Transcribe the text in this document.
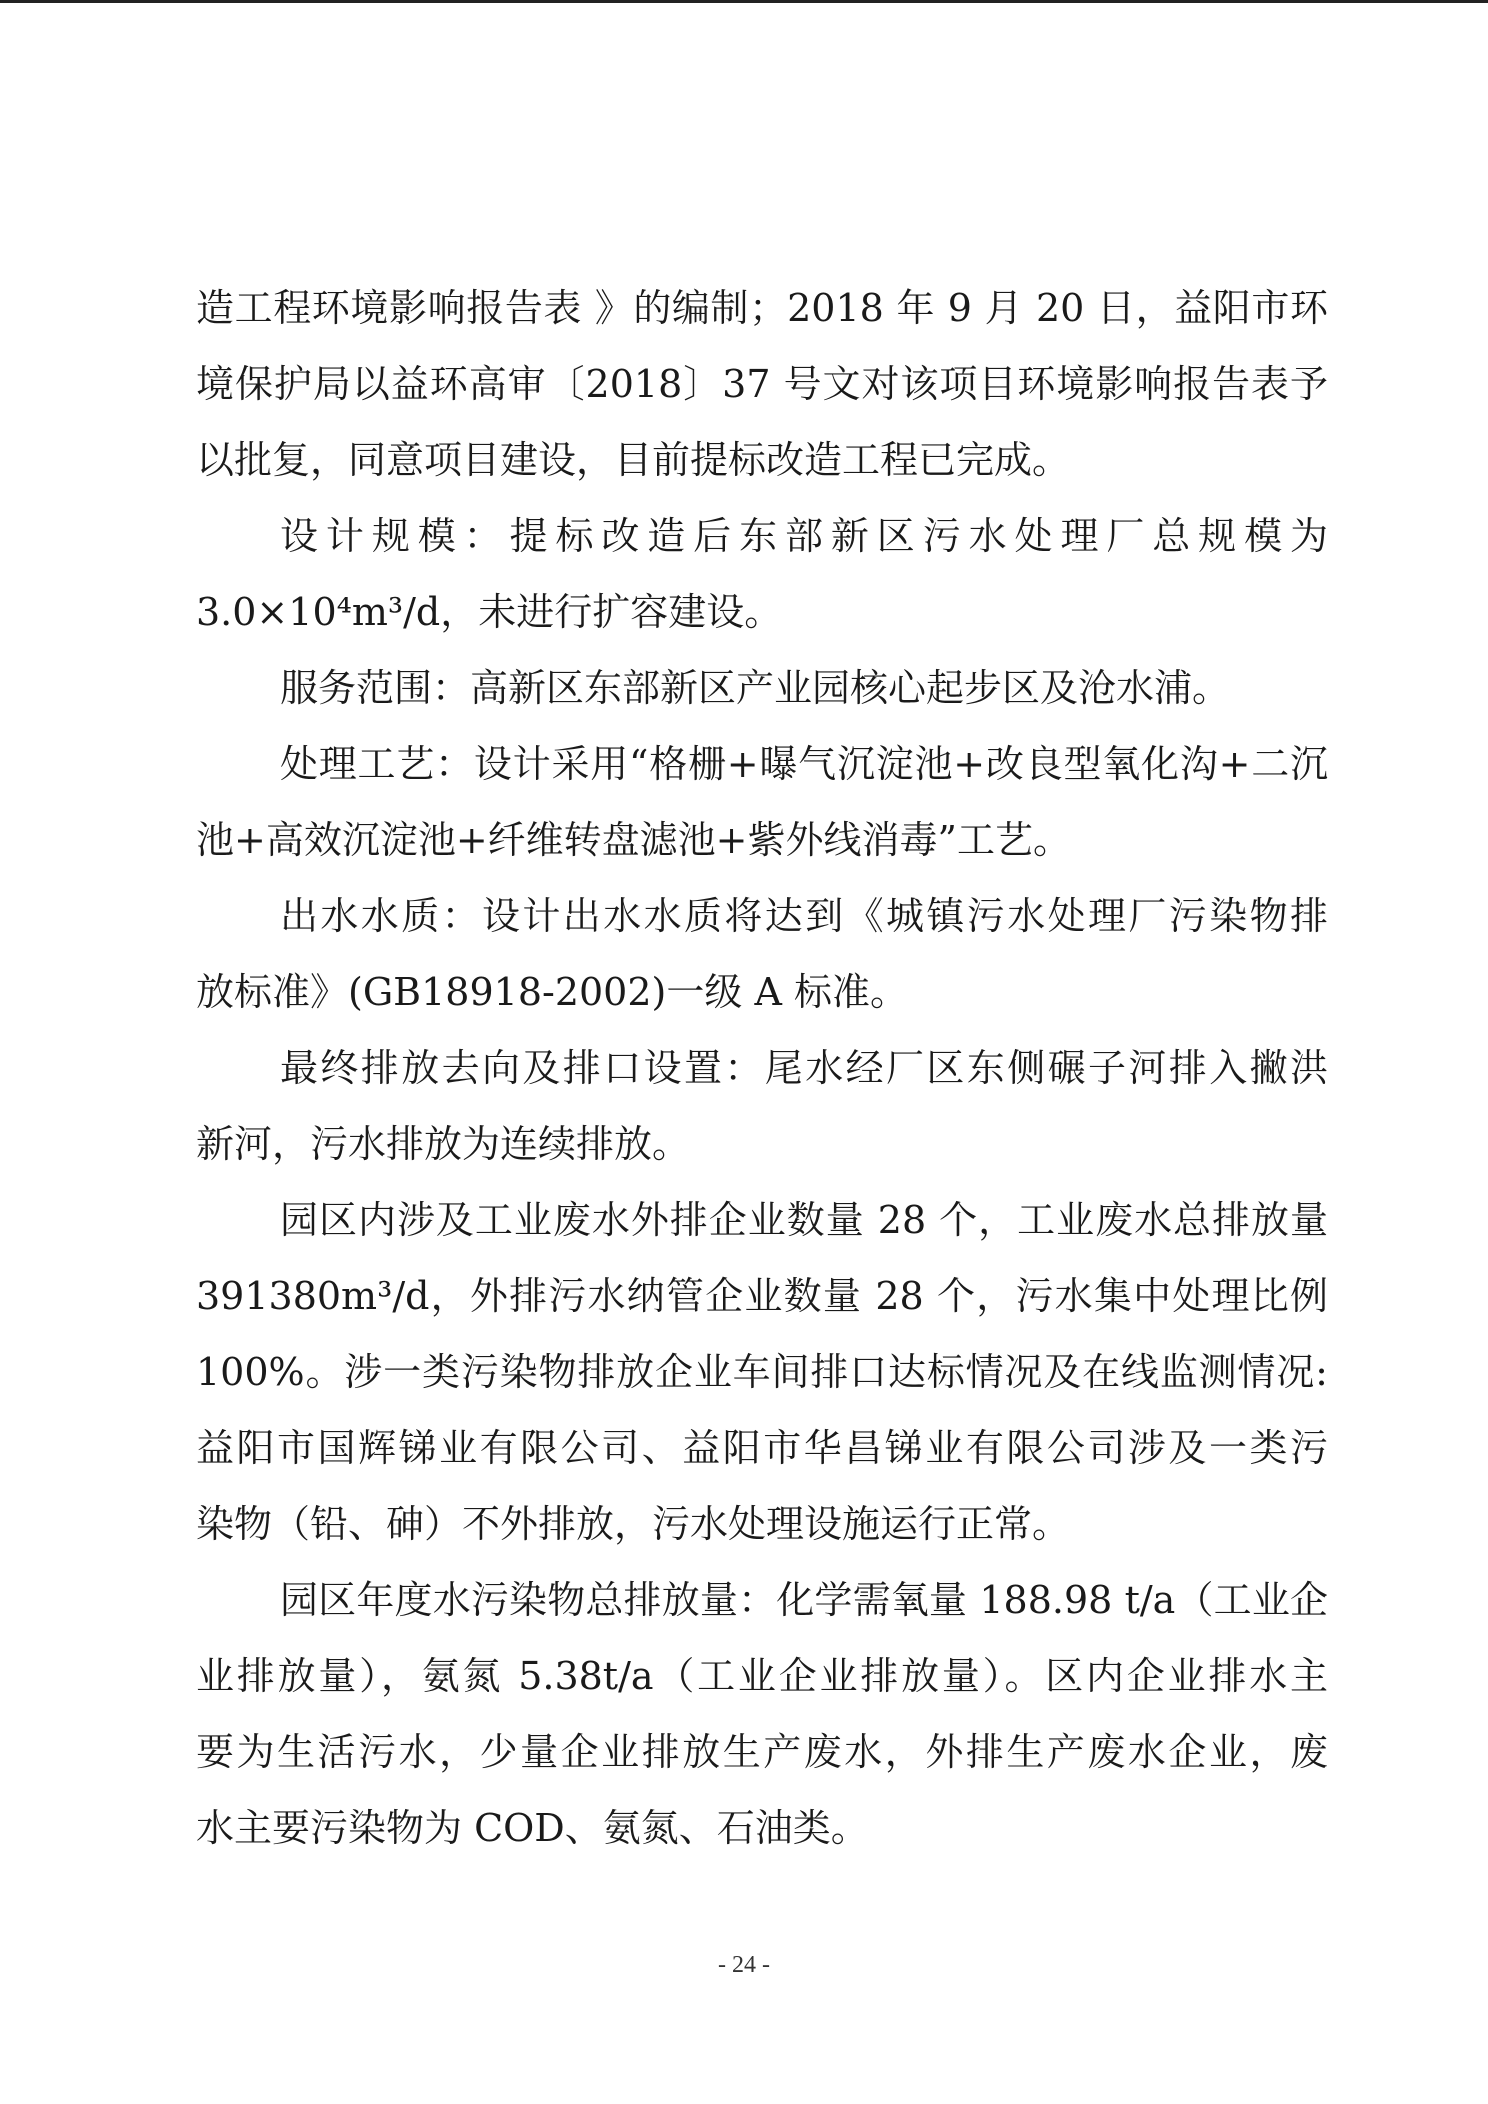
造工程环境影响报告表 》的编制；2018 年 9 月 20 日，益阳市环
境保护局以益环高审〔2018〕37 号文对该项目环境影响报告表予
以批复，同意项目建设，目前提标改造工程已完成。
设计规模：提标改造后东部新区污水处理厂总规模为
3.0×10⁴m³/d，未进行扩容建设。
服务范围：高新区东部新区产业园核心起步区及沧水浦。
处理工艺：设计采用“格栅+曝气沉淀池+改良型氧化沟+二沉
池+高效沉淀池+纤维转盘滤池+紫外线消毒”工艺。
出水水质：设计出水水质将达到《城镇污水处理厂污染物排
放标准》(GB18918-2002)一级 A 标准。
最终排放去向及排口设置：尾水经厂区东侧碾子河排入撇洪
新河，污水排放为连续排放。
园区内涉及工业废水外排企业数量 28 个，工业废水总排放量
391380m³/d，外排污水纳管企业数量 28 个，污水集中处理比例
100%。涉一类污染物排放企业车间排口达标情况及在线监测情况:
益阳市国辉锑业有限公司、益阳市华昌锑业有限公司涉及一类污
染物（铅、砷）不外排放，污水处理设施运行正常。
园区年度水污染物总排放量：化学需氧量 188.98 t/a（工业企
业排放量），氨氮 5.38t/a（工业企业排放量）。区内企业排水主
要为生活污水，少量企业排放生产废水，外排生产废水企业，废
水主要污染物为 COD、氨氮、石油类。
- 24 -
